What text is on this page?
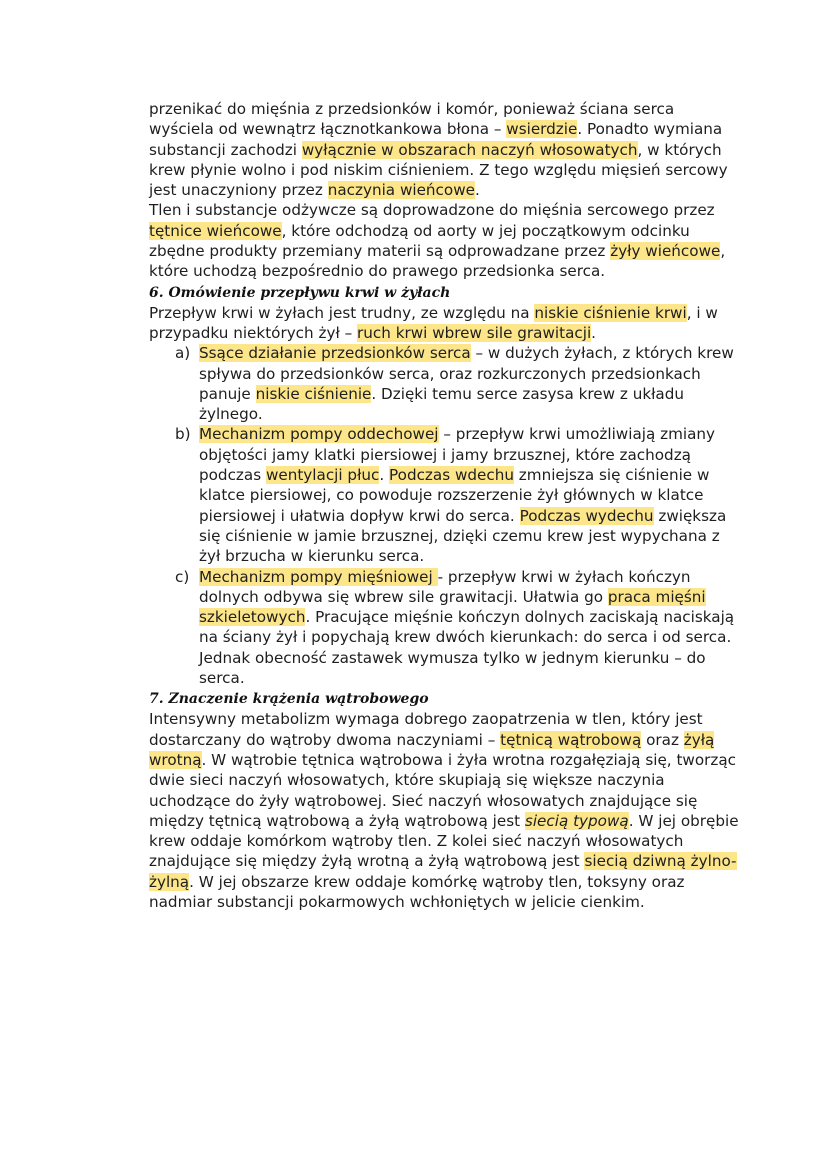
przenikać do mięśnia z przedsionków i komór, ponieważ ściana serca wyściela od wewnątrz łącznotkankowa błona – wsierdzie. Ponadto wymiana substancji zachodzi wyłącznie w obszarach naczyń włosowatych, w których krew płynie wolno i pod niskim ciśnieniem. Z tego względu mięsień sercowy jest unaczyniony przez naczynia wieńcowe.

Tlen i substancje odżywcze są doprowadzone do mięśnia sercowego przez tętnice wieńcowe, które odchodzą od aorty w jej początkowym odcinku zbędne produkty przemiany materii są odprowadzane przez żyły wieńcowe, które uchodzą bezpośrednio do prawego przedsionka serca.

6. Omówienie przepływu krwi w żyłach

Przepływ krwi w żyłach jest trudny, ze względu na niskie ciśnienie krwi, i w przypadku niektórych żył – ruch krwi wbrew sile grawitacji.

a) Ssące działanie przedsionków serca – w dużych żyłach, z których krew spływa do przedsionków serca, oraz rozkurczonych przedsionkach panuje niskie ciśnienie. Dzięki temu serce zasysa krew z układu żylnego.
b) Mechanizm pompy oddechowej – przepływ krwi umożliwiają zmiany objętości jamy klatki piersiowej i jamy brzusznej, które zachodzą podczas wentylacji płuc. Podczas wdechu zmniejsza się ciśnienie w klatce piersiowej, co powoduje rozszerzenie żył głównych w klatce piersiowej i ułatwia dopływ krwi do serca. Podczas wydechu zwiększa się ciśnienie w jamie brzusznej, dzięki czemu krew jest wypychana z żył brzucha w kierunku serca.
c) Mechanizm pompy mięśniowej - przepływ krwi w żyłach kończyn dolnych odbywa się wbrew sile grawitacji. Ułatwia go praca mięśni szkieletowych. Pracujące mięśnie kończyn dolnych zaciskają naciskają na ściany żył i popychają krew dwóch kierunkach: do serca i od serca. Jednak obecność zastawek wymusza tylko w jednym kierunku – do serca.
7. Znaczenie krążenia wątrobowego

Intensywny metabolizm wymaga dobrego zaopatrzenia w tlen, który jest dostarczany do wątroby dwoma naczyniami – tętnicą wątrobową oraz żyłą wrotną. W wątrobie tętnica wątrobowa i żyła wrotna rozgałęziają się, tworząc dwie sieci naczyń włosowatych, które skupiają się większe naczynia uchodzące do żyły wątrobowej. Sieć naczyń włosowatych znajdujące się między tętnicą wątrobową a żyłą wątrobową jest siecią typową. W jej obrębie krew oddaje komórkom wątroby tlen. Z kolei sieć naczyń włosowatych znajdujące się między żyłą wrotną a żyłą wątrobową jest siecią dziwną żylno-żylną. W jej obszarze krew oddaje komórkę wątroby tlen, toksyny oraz nadmiar substancji pokarmowych wchłoniętych w jelicie cienkim.
